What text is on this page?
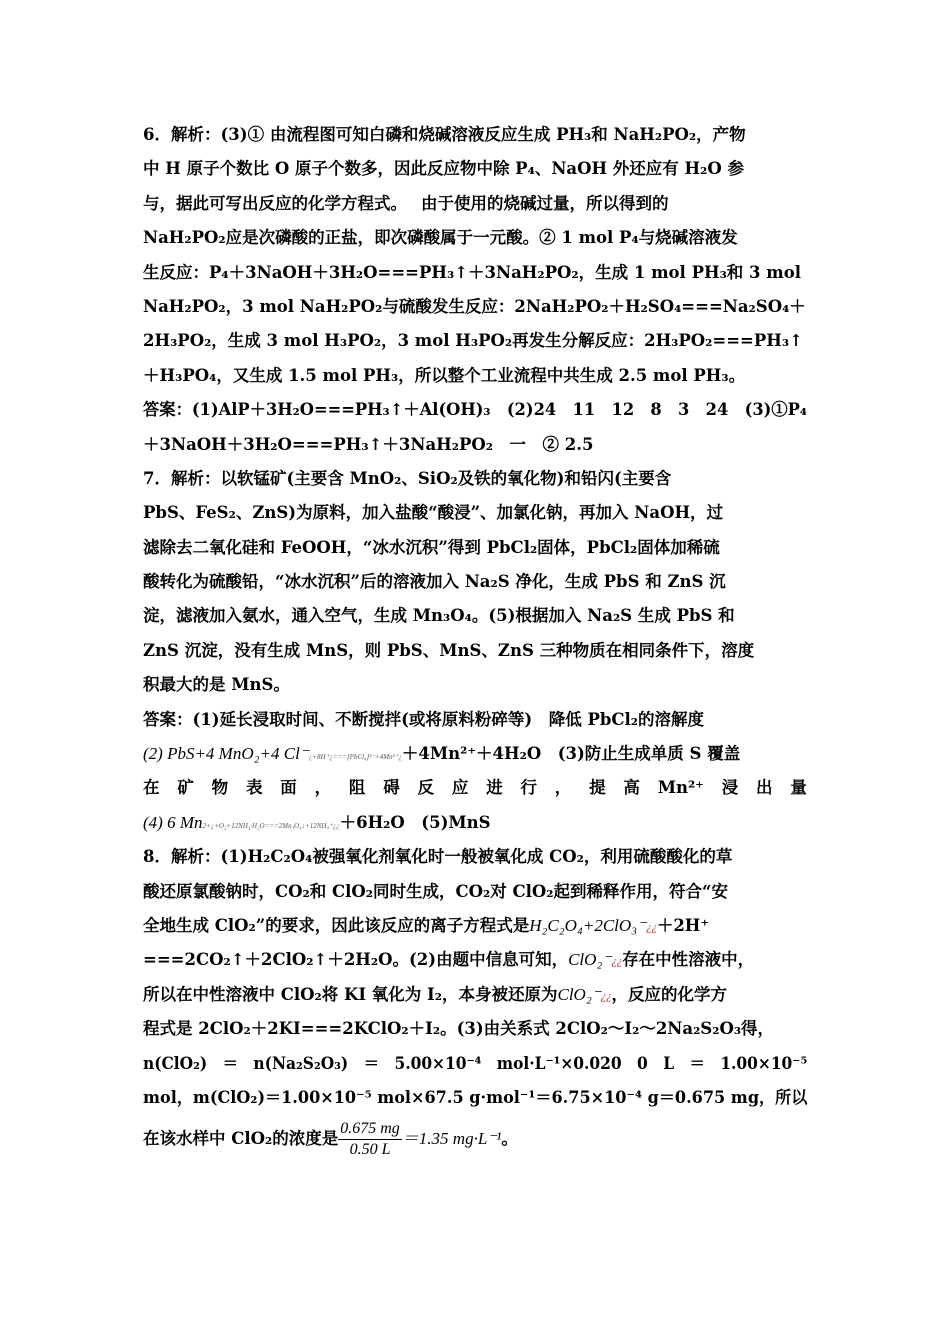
6．解析：(3)① 由流程图可知白磷和烧碱溶液反应生成 PH₃和 NaH₂PO₂，产物
中 H 原子个数比 O 原子个数多，因此反应物中除 P₄、NaOH 外还应有 H₂O 参
与，据此可写出反应的化学方程式。　 由于使用的烧碱过量，所以得到的
NaH₂PO₂应是次磷酸的正盐，即次磷酸属于一元酸。② 1 mol P₄与烧碱溶液发
生反应：P₄＋3NaOH＋3H₂O===PH₃↑＋3NaH₂PO₂，生成 1 mol PH₃和 3 mol
NaH₂PO₂，3 mol NaH₂PO₂与硫酸发生反应：2NaH₂PO₂＋H₂SO₄===Na₂SO₄＋
2H₃PO₂，生成 3 mol H₃PO₂，3 mol H₃PO₂再发生分解反应：2H₃PO₂===PH₃↑
＋H₃PO₄，又生成 1.5 mol PH₃，所以整个工业流程中共生成 2.5 mol PH₃。
答案：(1)AlP＋3H₂O===PH₃↑＋Al(OH)₃　(2)24　11　12　8　3　24　(3)①P₄
＋3NaOH＋3H₂O===PH₃↑＋3NaH₂PO₂　一　② 2.5
7．解析：以软锰矿(主要含 MnO₂、SiO₂及铁的氧化物)和铅闪(主要含
PbS、FeS₂、ZnS)为原料，加入盐酸“酸浸”、加氯化钠，再加入 NaOH，过
滤除去二氧化硅和 FeOOH，“冰水沉积”得到 PbCl₂固体，PbCl₂固体加稀硫
酸转化为硫酸铅，“冰水沉积”后的溶液加入 Na₂S 净化，生成 PbS 和 ZnS 沉
淀，滤液加入氨水，通入空气，生成 Mn₃O₄。(5)根据加入 Na₂S 生成 PbS 和
ZnS 沉淀，没有生成 MnS，则 PbS、MnS、ZnS 三种物质在相同条件下，溶度
积最大的是 MnS。
答案：(1)延长浸取时间、不断搅拌(或将原料粉碎等)　降低 PbCl₂的溶解度
(2) PbS+4 MnO₂+4 Cl⁻¿+8H⁺¿===[PbCl₄]²⁻+4Mn²⁺¿＋4Mn²⁺＋4H₂O　(3)防止生成单质 S 覆盖
在 矿 物 表 面 ， 阻 碍 反 应 进 行 ， 提 高 Mn²⁺ 浸 出 量
(4) 6 Mn2+¿+O₂+12NH₃·H₂O===2Mn₃O₄↓+12NH₄⁺¿¿＋6H₂O　(5)MnS
8．解析：(1)H₂C₂O₄被强氧化剂氧化时一般被氧化成 CO₂，利用硫酸酸化的草
酸还原氯酸钠时，CO₂和 ClO₂同时生成，CO₂对 ClO₂起到稀释作用，符合“安
全地生成 ClO₂”的要求，因此该反应的离子方程式是H₂C₂O₄+2ClO₃⁻¿¿＋2H⁺
===2CO₂↑＋2ClO₂↑＋2H₂O。(2)由题中信息可知，ClO₂⁻¿¿存在中性溶液中，
所以在中性溶液中 ClO₂将 KI 氧化为 I₂，本身被还原为ClO₂⁻¿¿，反应的化学方
程式是 2ClO₂＋2KI===2KClO₂＋I₂。(3)由关系式 2ClO₂～I₂～2Na₂S₂O₃得，
n(ClO₂)　＝　n(Na₂S₂O₃)　＝　5.00×10⁻⁴　mol·L⁻¹×0.020　0　L　＝　1.00×10⁻⁵
mol，m(ClO₂)＝1.00×10⁻⁵ mol×67.5 g·mol⁻¹＝6.75×10⁻⁴ g＝0.675 mg，所以
在该水样中 ClO₂的浓度是 $\frac{0.675 mg}{0.50 L} =1.35$ mg·L⁻¹。
